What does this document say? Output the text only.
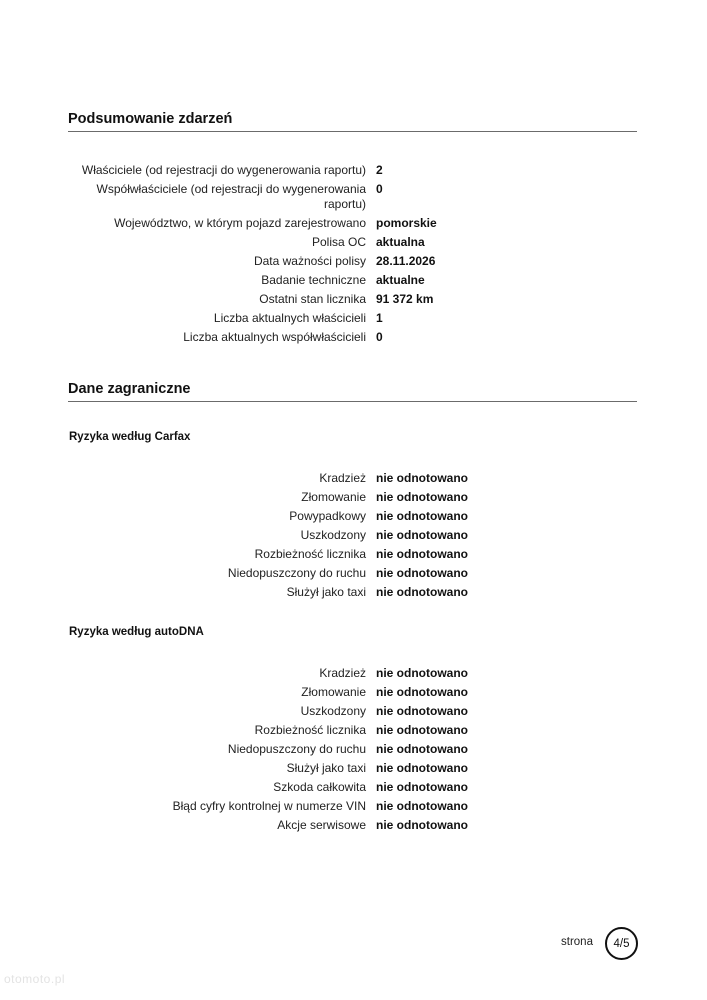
Podsumowanie zdarzeń
Właściciele (od rejestracji do wygenerowania raportu) 2
Współwłaściciele (od rejestracji do wygenerowania raportu)
0
Województwo, w którym pojazd zarejestrowano pomorskie
Polisa OC aktualna
Data ważności polisy 28.11.2026
Badanie techniczne aktualne
Ostatni stan licznika 91 372 km
Liczba aktualnych właścicieli 1
Liczba aktualnych współwłaścicieli 0
Dane zagraniczne
Ryzyka według Carfax
Kradzież nie odnotowano
Złomowanie nie odnotowano
Powypadkowy nie odnotowano
Uszkodzony nie odnotowano
Rozbieżność licznika nie odnotowano
Niedopuszczony do ruchu nie odnotowano
Służył jako taxi nie odnotowano
Ryzyka według autoDNA
Kradzież nie odnotowano
Złomowanie nie odnotowano
Uszkodzony nie odnotowano
Rozbieżność licznika nie odnotowano
Niedopuszczony do ruchu nie odnotowano
Służył jako taxi nie odnotowano
Szkoda całkowita nie odnotowano
Błąd cyfry kontrolnej w numerze VIN nie odnotowano
Akcje serwisowe nie odnotowano
strona 4/5
otomoto.pl
